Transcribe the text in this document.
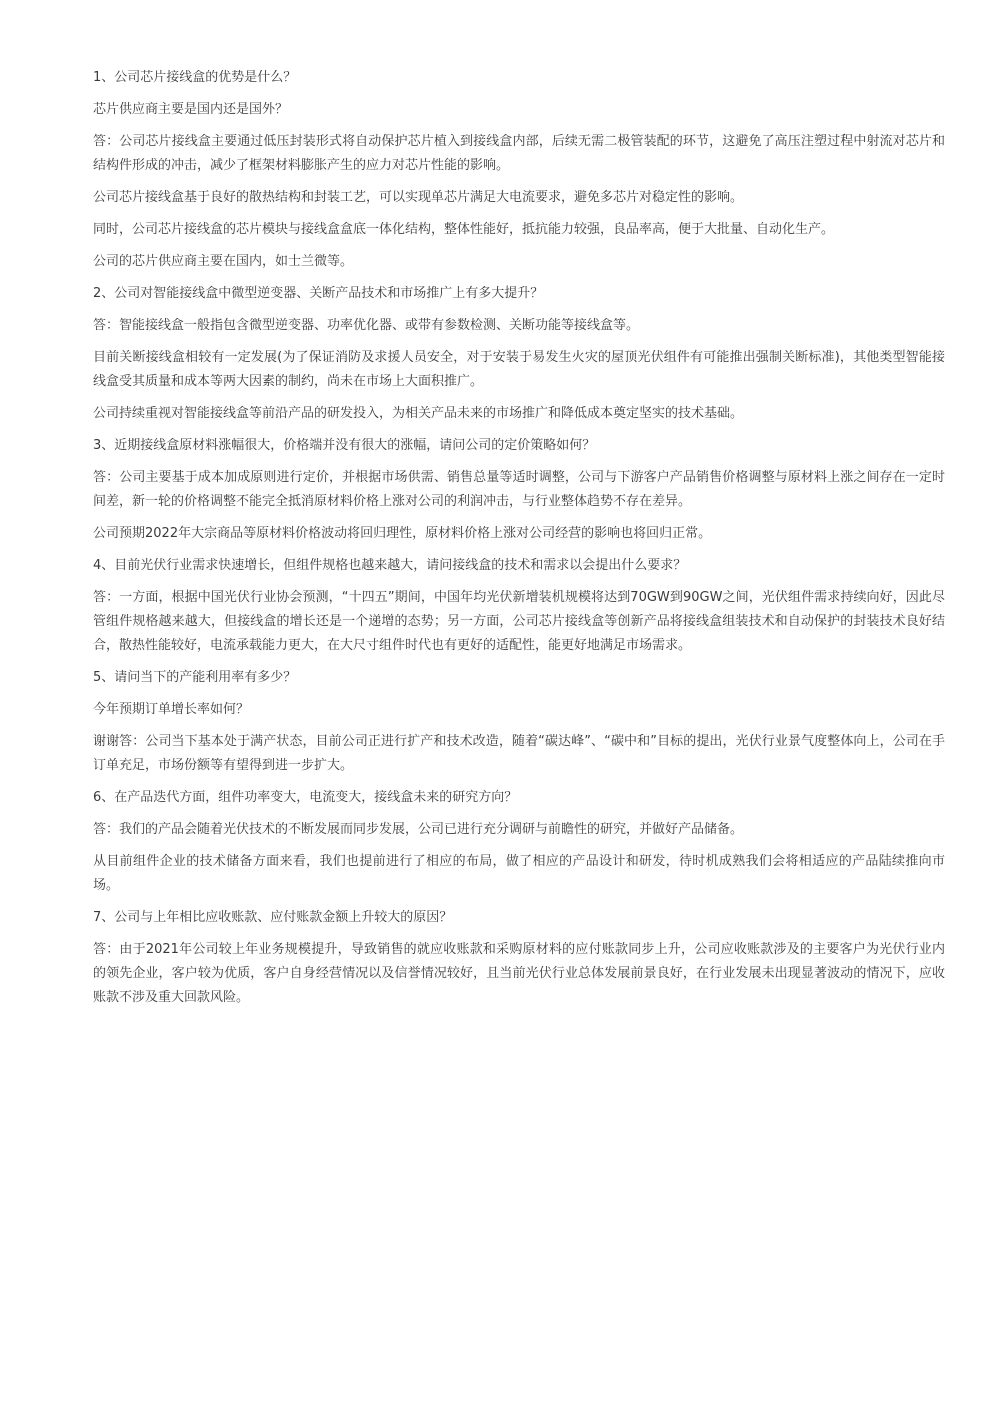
1、公司芯片接线盒的优势是什么？

芯片供应商主要是国内还是国外？

答：公司芯片接线盒主要通过低压封装形式将自动保护芯片植入到接线盒内部，后续无需二极管装配的环节，这避免了高压注塑过程中射流对芯片和结构件形成的冲击，减少了框架材料膨胀产生的应力对芯片性能的影响。

公司芯片接线盒基于良好的散热结构和封装工艺，可以实现单芯片满足大电流要求，避免多芯片对稳定性的影响。

同时，公司芯片接线盒的芯片模块与接线盒盒底一体化结构，整体性能好，抵抗能力较强，良品率高，便于大批量、自动化生产。

公司的芯片供应商主要在国内，如士兰微等。

2、公司对智能接线盒中微型逆变器、关断产品技术和市场推广上有多大提升？

答：智能接线盒一般指包含微型逆变器、功率优化器、或带有参数检测、关断功能等接线盒等。

目前关断接线盒相较有一定发展(为了保证消防及求援人员安全，对于安装于易发生火灾的屋顶光伏组件有可能推出强制关断标准)，其他类型智能接线盒受其质量和成本等两大因素的制约，尚未在市场上大面积推广。

公司持续重视对智能接线盒等前沿产品的研发投入，为相关产品未来的市场推广和降低成本奠定坚实的技术基础。

3、近期接线盒原材料涨幅很大，价格端并没有很大的涨幅，请问公司的定价策略如何？

答：公司主要基于成本加成原则进行定价，并根据市场供需、销售总量等适时调整，公司与下游客户产品销售价格调整与原材料上涨之间存在一定时间差，新一轮的价格调整不能完全抵消原材料价格上涨对公司的利润冲击，与行业整体趋势不存在差异。

公司预期2022年大宗商品等原材料价格波动将回归理性，原材料价格上涨对公司经营的影响也将回归正常。

4、目前光伏行业需求快速增长，但组件规格也越来越大，请问接线盒的技术和需求以会提出什么要求？

答：一方面，根据中国光伏行业协会预测，“十四五”期间，中国年均光伏新增装机规模将达到70GW到90GW之间，光伏组件需求持续向好，因此尽管组件规格越来越大，但接线盒的增长还是一个递增的态势；另一方面，公司芯片接线盒等创新产品将接线盒组装技术和自动保护的封装技术良好结合，散热性能较好，电流承载能力更大，在大尺寸组件时代也有更好的适配性，能更好地满足市场需求。

5、请问当下的产能利用率有多少？

今年预期订单增长率如何？

谢谢答：公司当下基本处于满产状态，目前公司正进行扩产和技术改造，随着“碳达峰”、“碳中和”目标的提出，光伏行业景气度整体向上，公司在手订单充足，市场份额等有望得到进一步扩大。

6、在产品迭代方面，组件功率变大，电流变大，接线盒未来的研究方向？

答：我们的产品会随着光伏技术的不断发展而同步发展，公司已进行充分调研与前瞻性的研究，并做好产品储备。

从目前组件企业的技术储备方面来看，我们也提前进行了相应的布局，做了相应的产品设计和研发，待时机成熟我们会将相适应的产品陆续推向市场。

7、公司与上年相比应收账款、应付账款金额上升较大的原因？

答：由于2021年公司较上年业务规模提升，导致销售的就应收账款和采购原材料的应付账款同步上升，公司应收账款涉及的主要客户为光伏行业内的领先企业，客户较为优质，客户自身经营情况以及信誉情况较好，且当前光伏行业总体发展前景良好，在行业发展未出现显著波动的情况下，应收账款不涉及重大回款风险。
